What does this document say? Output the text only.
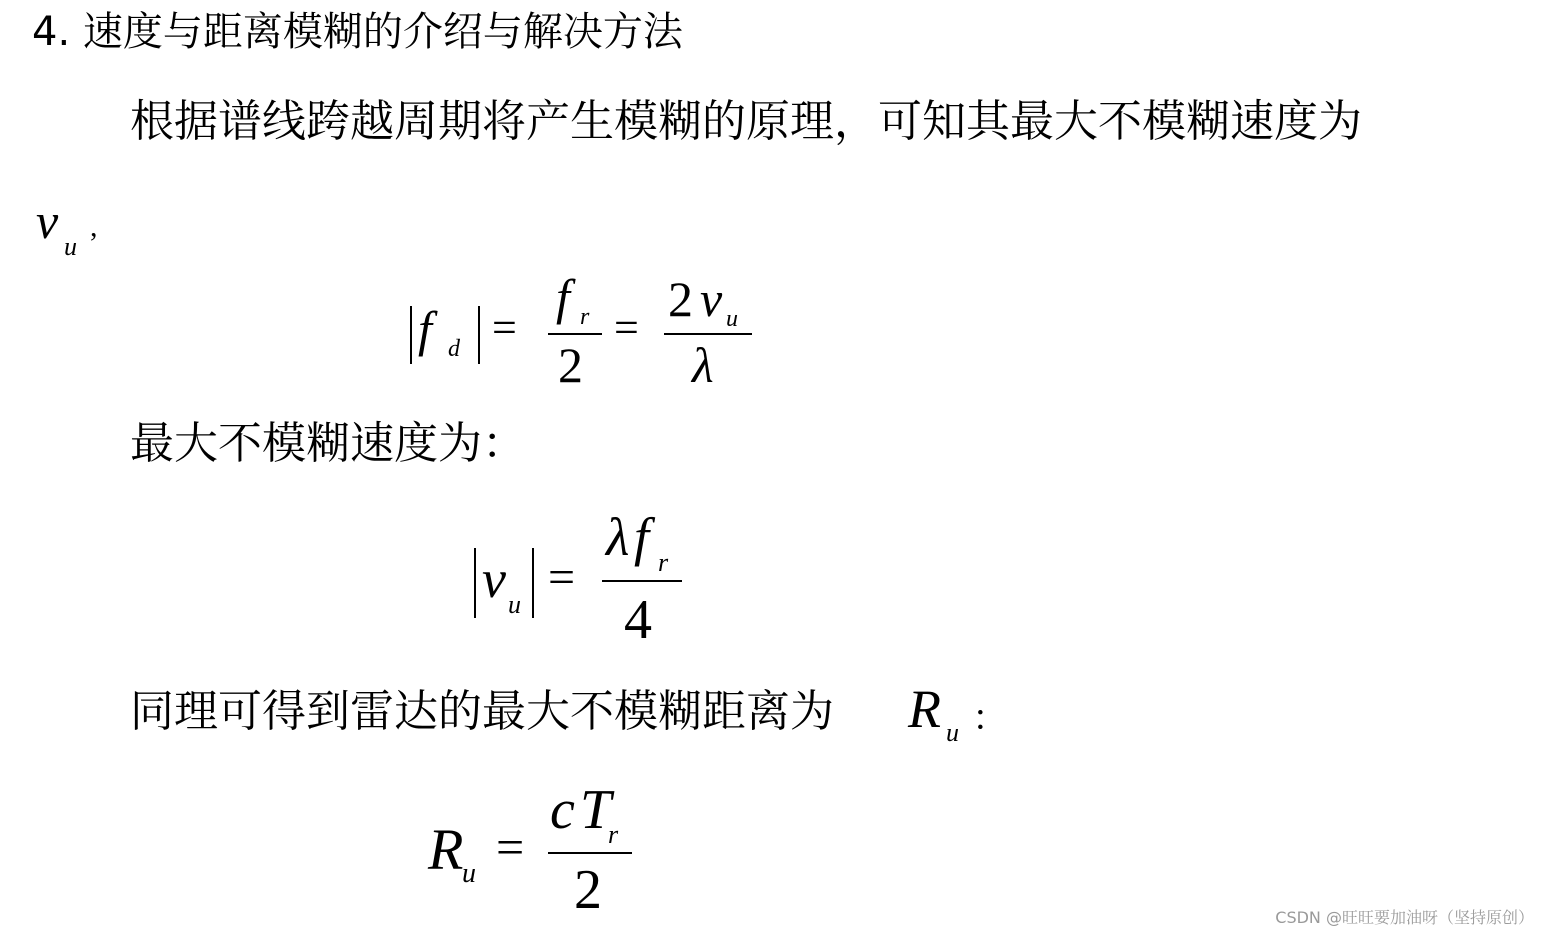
4. 速度与距离模糊的介绍与解决方法
根据谱线跨越周期将产生模糊的原理，可知其最大不模糊速度为
v u
,
f d =
f r
2
=
2 v u
λ
最大不模糊速度为：
v u
=
λ f r
4
同理可得到雷达的最大不模糊距离为 R u ：
R
u =
c T
r
2	CSDN @旺旺要加油呀（坚持原创）
